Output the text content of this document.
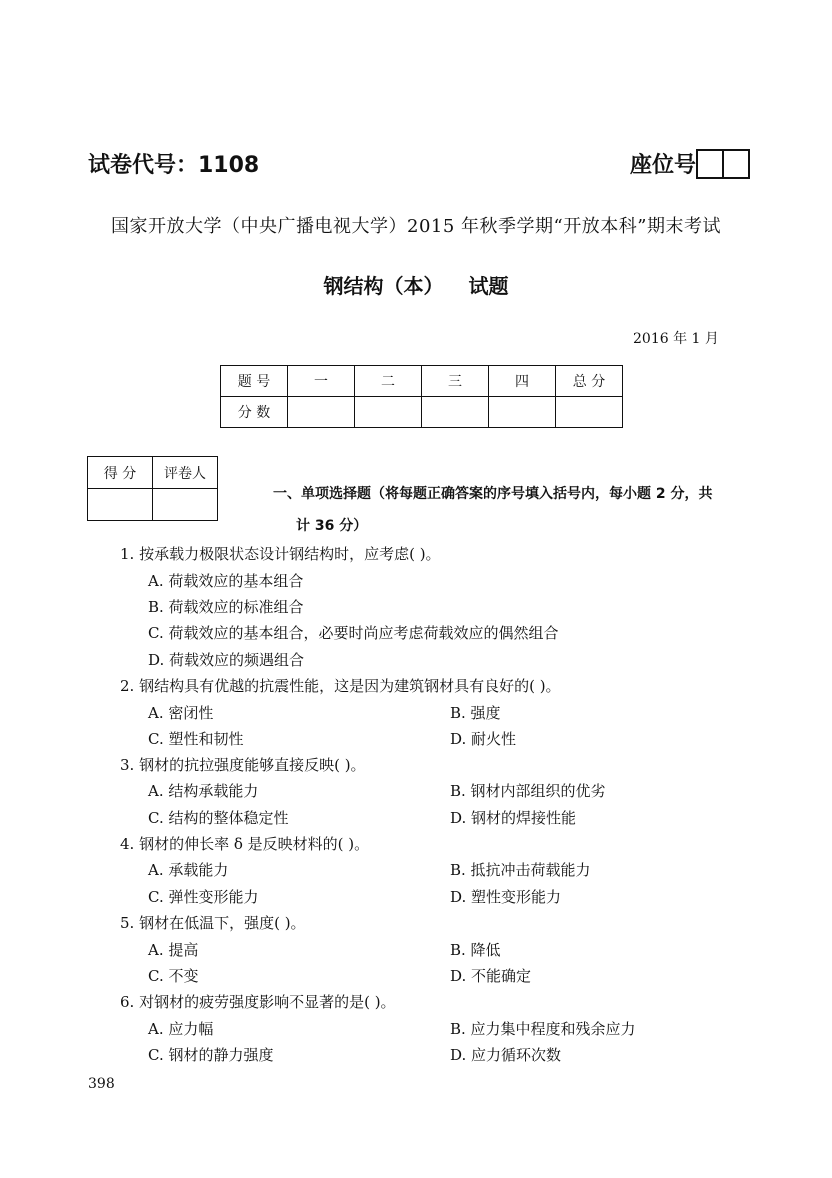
试卷代号：1108	座位号
国家开放大学（中央广播电视大学）2015 年秋季学期“开放本科”期末考试
钢结构（本） 试题
2016 年 1 月
题 号	一	二	三	四	总 分
分 数					
得 分	评卷人

一、单项选择题（将每题正确答案的序号填入括号内，每小题 2 分，共
计 36 分）
1. 按承载力极限状态设计钢结构时，应考虑( )。
A. 荷载效应的基本组合
B. 荷载效应的标准组合
C. 荷载效应的基本组合，必要时尚应考虑荷载效应的偶然组合
D. 荷载效应的频遇组合
2. 钢结构具有优越的抗震性能，这是因为建筑钢材具有良好的( )。
A. 密闭性	B. 强度
C. 塑性和韧性	D. 耐火性
3. 钢材的抗拉强度能够直接反映( )。
A. 结构承载能力	B. 钢材内部组织的优劣
C. 结构的整体稳定性	D. 钢材的焊接性能
4. 钢材的伸长率 δ 是反映材料的( )。
A. 承载能力	B. 抵抗冲击荷载能力
C. 弹性变形能力	D. 塑性变形能力
5. 钢材在低温下，强度( )。
A. 提高	B. 降低
C. 不变	D. 不能确定
6. 对钢材的疲劳强度影响不显著的是( )。
A. 应力幅	B. 应力集中程度和残余应力
C. 钢材的静力强度	D. 应力循环次数
398
